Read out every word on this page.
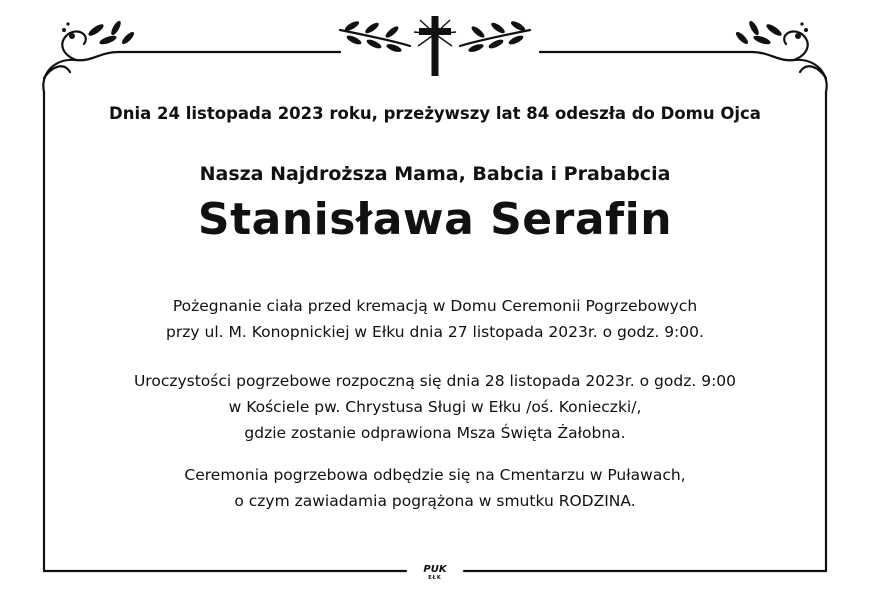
Dnia 24 listopada 2023 roku, przeżywszy lat 84 odeszła do Domu Ojca
Nasza Najdroższa Mama, Babcia i Prababcia
Stanisława Serafin
Pożegnanie ciała przed kremacją w Domu Ceremonii Pogrzebowych
przy ul. M. Konopnickiej w Ełku dnia 27 listopada 2023r. o godz. 9:00.
Uroczystości pogrzebowe rozpoczną się dnia 28 listopada 2023r. o godz. 9:00
w Kościele pw. Chrystusa Sługi w Ełku /oś. Konieczki/,
gdzie zostanie odprawiona Msza Święta Żałobna.
Ceremonia pogrzebowa odbędzie się na Cmentarzu w Puławach,
o czym zawiadamia pogrążona w smutku RODZINA.
PUK
EŁK
